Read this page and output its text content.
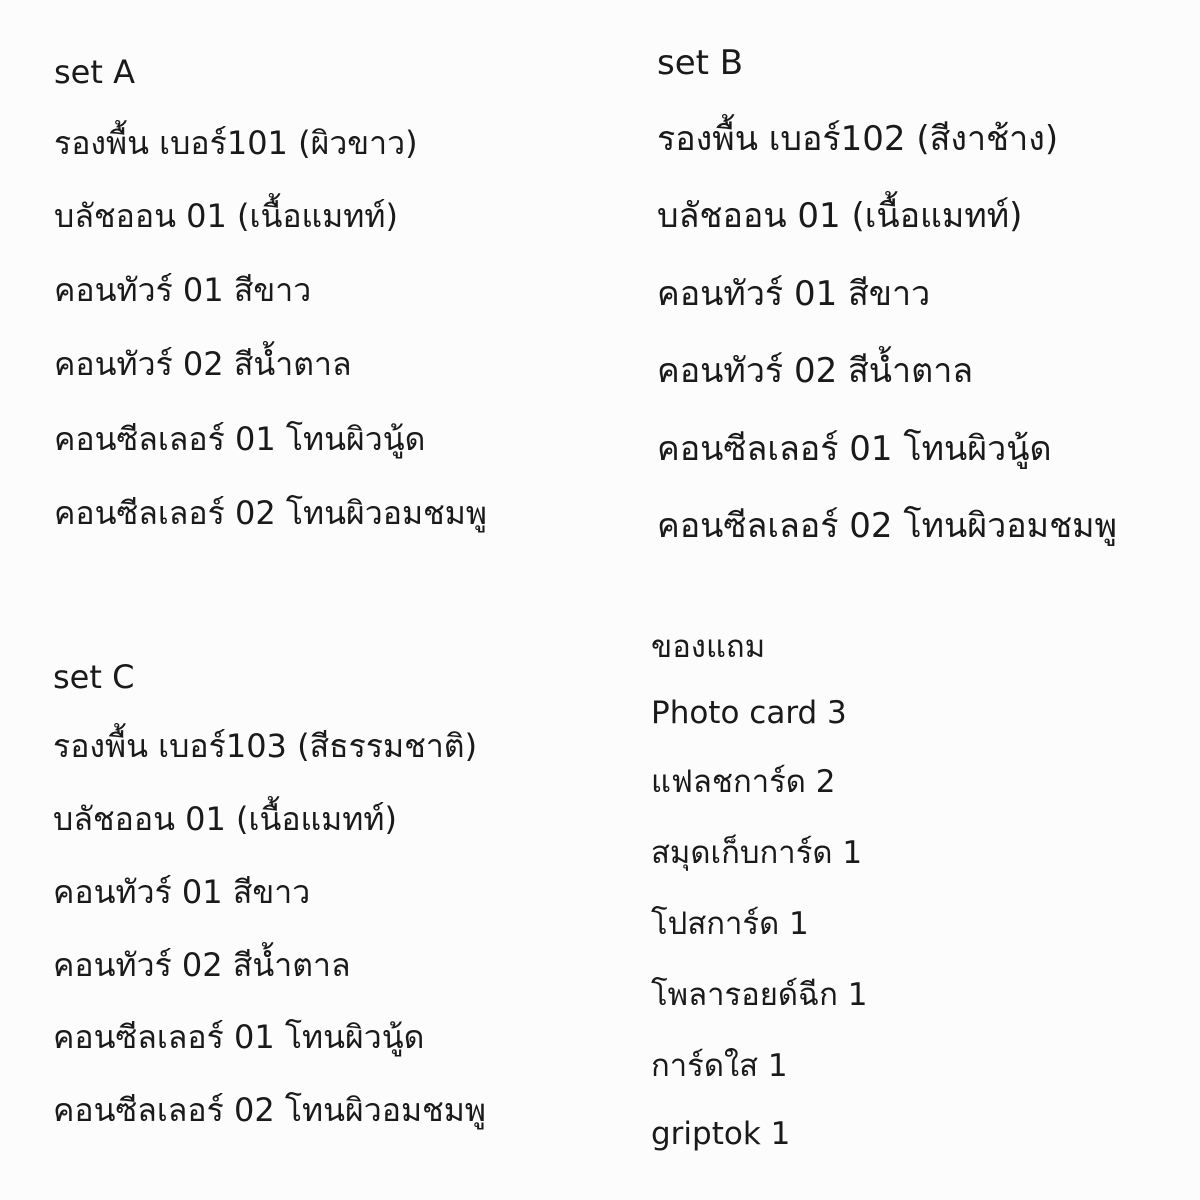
set A
รองพื้น เบอร์101 (ผิวขาว)
บลัชออน 01 (เนื้อแมทท์)
คอนทัวร์ 01 สีขาว
คอนทัวร์ 02 สีน้ำตาล
คอนซีลเลอร์ 01 โทนผิวนู้ด
คอนซีลเลอร์ 02 โทนผิวอมชมพู
set B
รองพื้น เบอร์102 (สีงาช้าง)
บลัชออน 01 (เนื้อแมทท์)
คอนทัวร์ 01 สีขาว
คอนทัวร์ 02 สีน้ำตาล
คอนซีลเลอร์ 01 โทนผิวนู้ด
คอนซีลเลอร์ 02 โทนผิวอมชมพู
set C
รองพื้น เบอร์103 (สีธรรมชาติ)
บลัชออน 01 (เนื้อแมทท์)
คอนทัวร์ 01 สีขาว
คอนทัวร์ 02 สีน้ำตาล
คอนซีลเลอร์ 01 โทนผิวนู้ด
คอนซีลเลอร์ 02 โทนผิวอมชมพู
ของแถม
Photo card 3
แฟลชการ์ด 2
สมุดเก็บการ์ด 1
โปสการ์ด 1
โพลารอยด์ฉีก 1
การ์ดใส 1
griptok 1
